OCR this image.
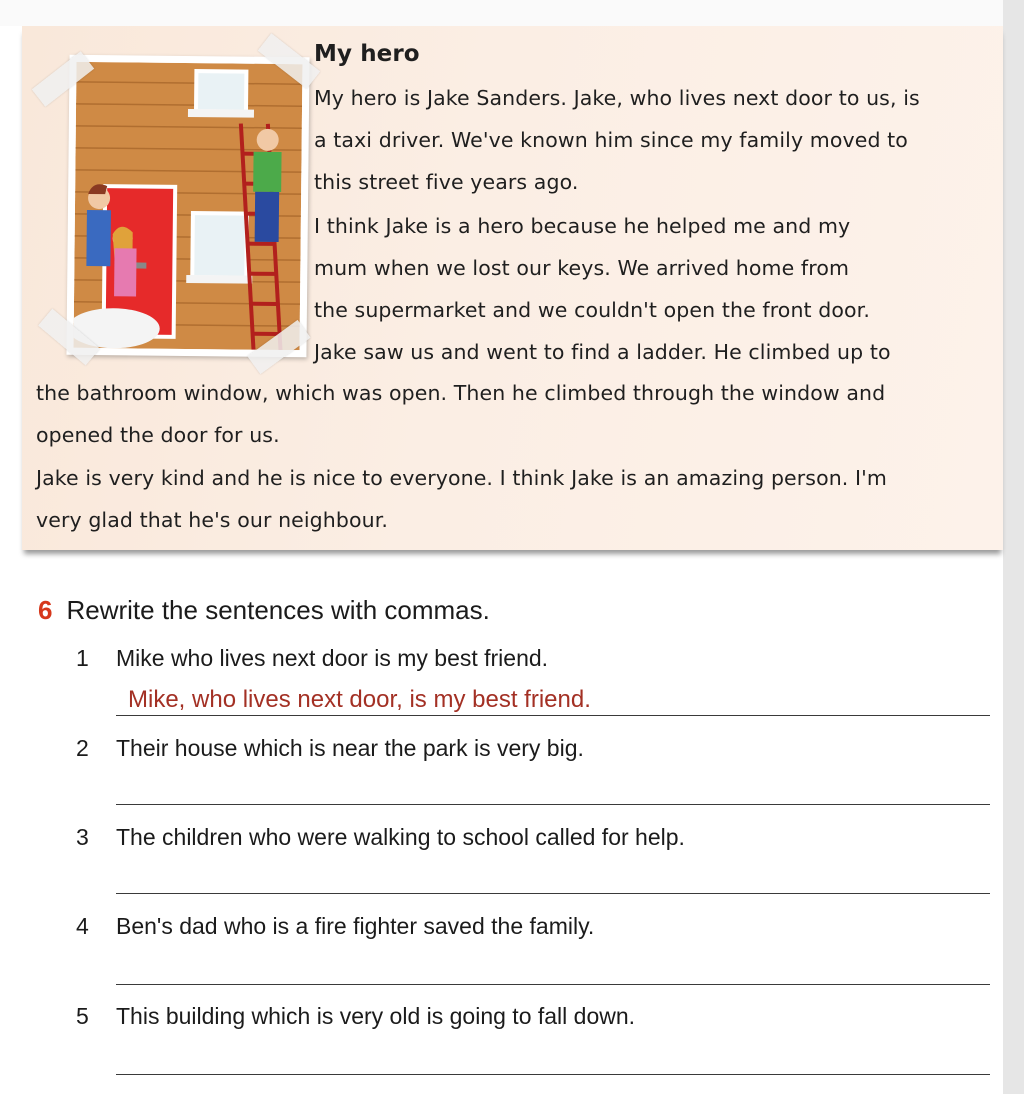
My hero
My hero is Jake Sanders. Jake, who lives next door to us, is
a taxi driver. We've known him since my family moved to
this street five years ago.
I think Jake is a hero because he helped me and my
mum when we lost our keys. We arrived home from
the supermarket and we couldn't open the front door.
Jake saw us and went to find a ladder. He climbed up to
the bathroom window, which was open. Then he climbed through the window and
opened the door for us.
Jake is very kind and he is nice to everyone. I think Jake is an amazing person. I'm
very glad that he's our neighbour.
6 Rewrite the sentences with commas.
1 Mike who lives next door is my best friend.
Mike, who lives next door, is my best friend.
2 Their house which is near the park is very big.
3 The children who were walking to school called for help.
4 Ben's dad who is a fire fighter saved the family.
5 This building which is very old is going to fall down.
